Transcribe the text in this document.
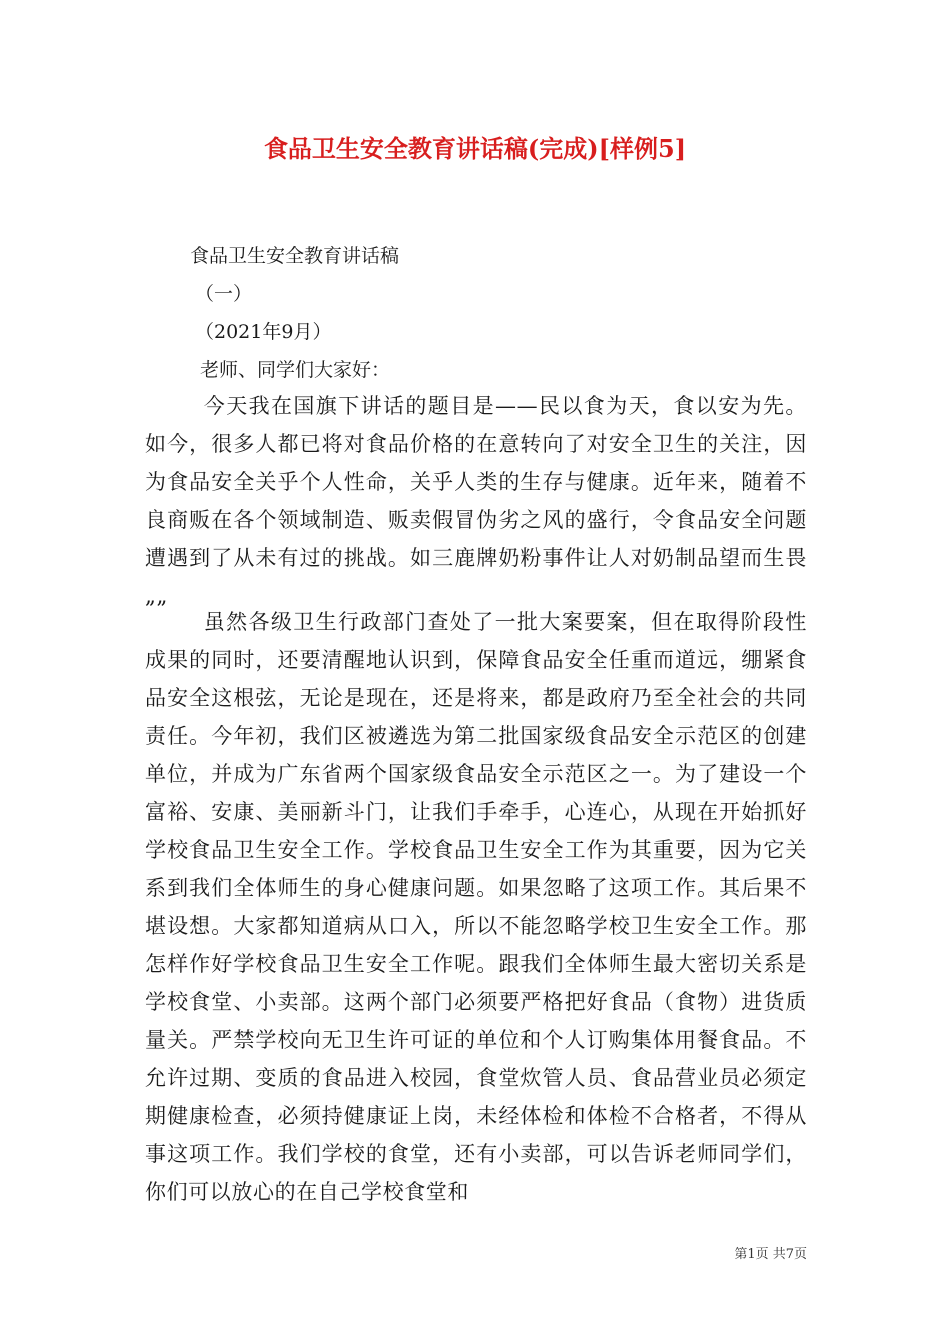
食品卫生安全教育讲话稿(完成)[样例5]
食品卫生安全教育讲话稿
（一）
（2021年9月）
老师、同学们大家好：

今天我在国旗下讲话的题目是——民以食为天，食以安为先。如今，很多人都已将对食品价格的在意转向了对安全卫生的关注，因为食品安全关乎个人性命，关乎人类的生存与健康。近年来，随着不良商贩在各个领域制造、贩卖假冒伪劣之风的盛行，令食品安全问题遭遇到了从未有过的挑战。如三鹿牌奶粉事件让人对奶制品望而生畏„„

虽然各级卫生行政部门查处了一批大案要案，但在取得阶段性成果的同时，还要清醒地认识到，保障食品安全任重而道远，绷紧食品安全这根弦，无论是现在，还是将来，都是政府乃至全社会的共同责任。今年初，我们区被遴选为第二批国家级食品安全示范区的创建单位，并成为广东省两个国家级食品安全示范区之一。为了建设一个富裕、安康、美丽新斗门，让我们手牵手，心连心，从现在开始抓好学校食品卫生安全工作。学校食品卫生安全工作为其重要，因为它关系到我们全体师生的身心健康问题。如果忽略了这项工作。其后果不堪设想。大家都知道病从口入，所以不能忽略学校卫生安全工作。那怎样作好学校食品卫生安全工作呢。跟我们全体师生最大密切关系是学校食堂、小卖部。这两个部门必须要严格把好食品（食物）进货质量关。严禁学校向无卫生许可证的单位和个人订购集体用餐食品。不允许过期、变质的食品进入校园，食堂炊管人员、食品营业员必须定期健康检查，必须持健康证上岗，未经体检和体检不合格者，不得从事这项工作。我们学校的食堂，还有小卖部，可以告诉老师同学们，你们可以放心的在自己学校食堂和

第1页 共7页
